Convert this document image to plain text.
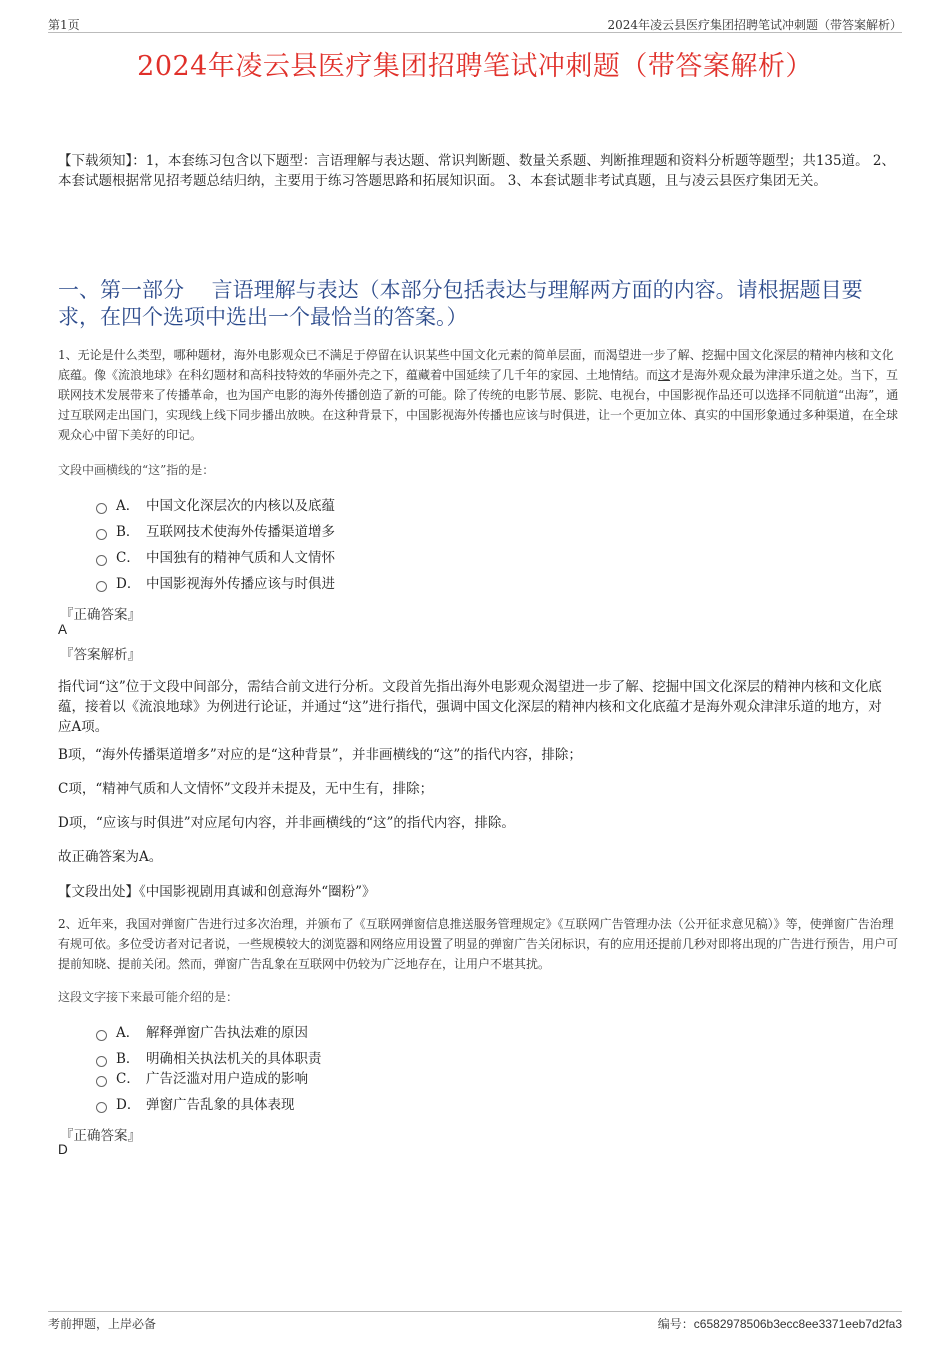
第1页	2024年凌云县医疗集团招聘笔试冲刺题（带答案解析）
2024年凌云县医疗集团招聘笔试冲刺题（带答案解析）
【下载须知】：1，本套练习包含以下题型：言语理解与表达题、常识判断题、数量关系题、判断推理题和资料分析题等题型；共135道。 2、本套试题根据常见招考题总结归纳，主要用于练习答题思路和拓展知识面。 3、本套试题非考试真题，且与凌云县医疗集团无关。
一、第一部分　 言语理解与表达（本部分包括表达与理解两方面的内容。请根据题目要求，在四个选项中选出一个最恰当的答案。）
1、无论是什么类型，哪种题材，海外电影观众已不满足于停留在认识某些中国文化元素的简单层面，而渴望进一步了解、挖掘中国文化深层的精神内核和文化底蕴。像《流浪地球》在科幻题材和高科技特效的华丽外壳之下，蕴藏着中国延续了几千年的家园、土地情结。而这才是海外观众最为津津乐道之处。当下，互联网技术发展带来了传播革命，也为国产电影的海外传播创造了新的可能。除了传统的电影节展、影院、电视台，中国影视作品还可以选择不同航道“出海”，通过互联网走出国门，实现线上线下同步播出放映。在这种背景下，中国影视海外传播也应该与时俱进，让一个更加立体、真实的中国形象通过多种渠道，在全球观众心中留下美好的印记。
文段中画横线的“这”指的是：
A． 中国文化深层次的内核以及底蕴
B． 互联网技术使海外传播渠道增多
C． 中国独有的精神气质和人文情怀
D． 中国影视海外传播应该与时俱进
『正确答案』
A
『答案解析』
指代词“这”位于文段中间部分，需结合前文进行分析。文段首先指出海外电影观众渴望进一步了解、挖掘中国文化深层的精神内核和文化底蕴，接着以《流浪地球》为例进行论证，并通过“这”进行指代，强调中国文化深层的精神内核和文化底蕴才是海外观众津津乐道的地方，对应A项。
B项，“海外传播渠道增多”对应的是“这种背景”，并非画横线的“这”的指代内容，排除；
C项，“精神气质和人文情怀”文段并未提及，无中生有，排除；
D项，“应该与时俱进”对应尾句内容，并非画横线的“这”的指代内容，排除。
故正确答案为A。
【文段出处】《中国影视剧用真诚和创意海外“圈粉”》
2、近年来，我国对弹窗广告进行过多次治理，并颁布了《互联网弹窗信息推送服务管理规定》《互联网广告管理办法（公开征求意见稿）》等，使弹窗广告治理有规可依。多位受访者对记者说，一些规模较大的浏览器和网络应用设置了明显的弹窗广告关闭标识，有的应用还提前几秒对即将出现的广告进行预告，用户可提前知晓、提前关闭。然而，弹窗广告乱象在互联网中仍较为广泛地存在，让用户不堪其扰。
这段文字接下来最可能介绍的是：
A． 解释弹窗广告执法难的原因
B． 明确相关执法机关的具体职责
C． 广告泛滥对用户造成的影响
D． 弹窗广告乱象的具体表现
『正确答案』
D
考前押题，上岸必备	编号：c6582978506b3ecc8ee3371eeb7d2fa3
